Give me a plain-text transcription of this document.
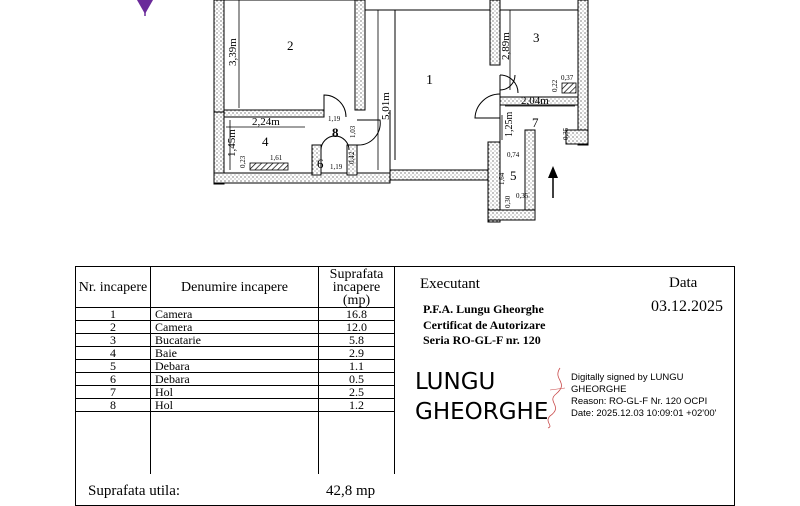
1
2
3
4
5
6
7
8
5,01m
3,39m	2,89m
2,04m
2,24m
1,45m
1,19
1,03
1,61
0,23	1,19
1,25m
0,74
1,64
0,30 0,35
0,22
0,37
0,35
0,42
Nr. incapere	Denumire incapere	Suprafata incapere (mp)
1	Camera	16.8
2	Camera	12.0
3	Bucatarie	5.8
4	Baie	2.9
5	Debara	1.1
6	Debara	0.5
7	Hol	2.5
8	Hol	1.2

Suprafata utila:	42,8 mp
Executant	Data
03.12.2025
P.F.A. Lungu Gheorghe
Certificat de Autorizare
Seria RO-GL-F nr. 120
LUNGU
GHEORGHE
Digitally signed by LUNGU
GHEORGHE
Reason: RO-GL-F Nr. 120 OCPI
Date: 2025.12.03 10:09:01 +02'00'
